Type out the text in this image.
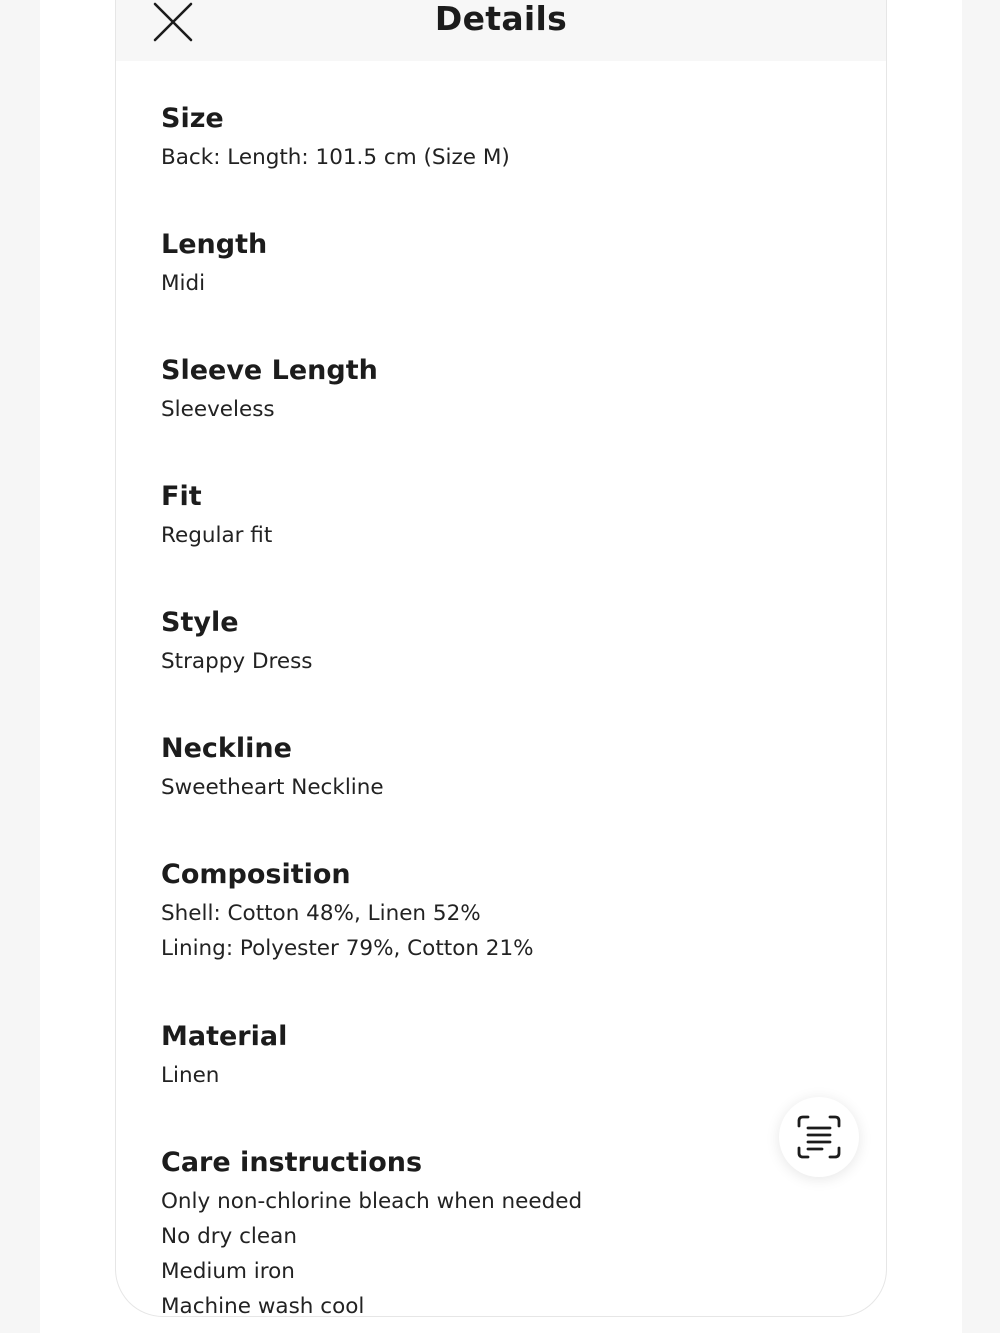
Details
Size
Back: Length: 101.5 cm (Size M)
Length
Midi
Sleeve Length
Sleeveless
Fit
Regular fit
Style
Strappy Dress
Neckline
Sweetheart Neckline
Composition
Shell: Cotton 48%, Linen 52%
Lining: Polyester 79%, Cotton 21%
Material
Linen
Care instructions
Only non-chlorine bleach when needed
No dry clean
Medium iron
Machine wash cool
